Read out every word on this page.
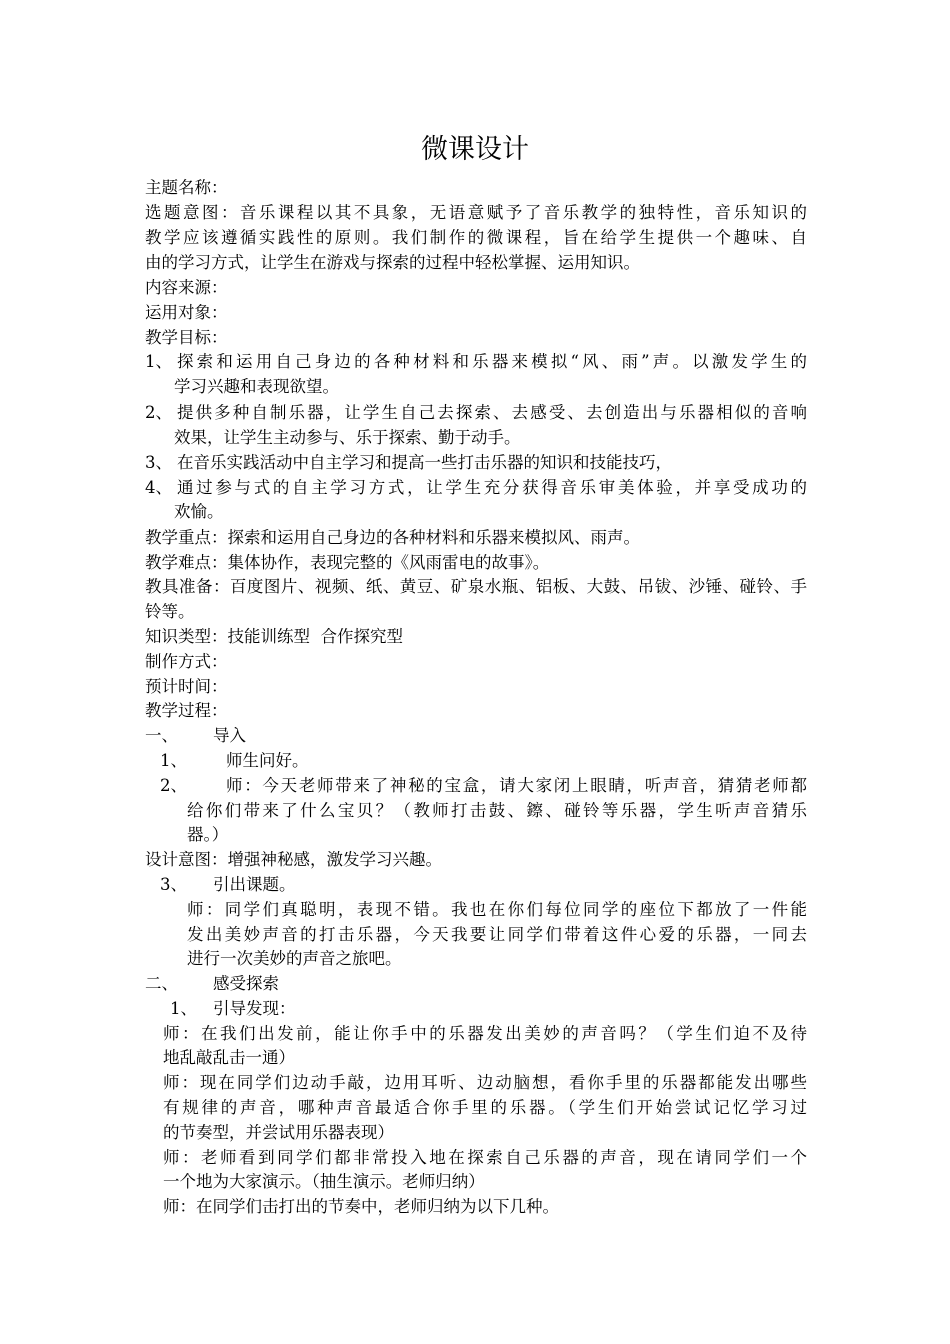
微课设计
主题名称：
选题意图：音乐课程以其不具象，无语意赋予了音乐教学的独特性，音乐知识的
教学应该遵循实践性的原则。我们制作的微课程，旨在给学生提供一个趣味、自
由的学习方式，让学生在游戏与探索的过程中轻松掌握、运用知识。
内容来源：
运用对象：
教学目标：
1、 探索和运用自己身边的各种材料和乐器来模拟“风、雨”声。以激发学生的
学习兴趣和表现欲望。
2、 提供多种自制乐器，让学生自己去探索、去感受、去创造出与乐器相似的音响
效果，让学生主动参与、乐于探索、勤于动手。
3、 在音乐实践活动中自主学习和提高一些打击乐器的知识和技能技巧，
4、 通过参与式的自主学习方式，让学生充分获得音乐审美体验，并享受成功的
欢愉。
教学重点：探索和运用自己身边的各种材料和乐器来模拟风、雨声。
教学难点：集体协作，表现完整的《风雨雷电的故事》。
教具准备：百度图片、视频、纸、黄豆、矿泉水瓶、铝板、大鼓、吊钹、沙锤、碰铃、手
铃等。
知识类型：技能训练型  合作探究型
制作方式：
预计时间：
教学过程：
一、 导入
1、 师生问好。
2、 师：今天老师带来了神秘的宝盒，请大家闭上眼睛，听声音，猜猜老师都
给你们带来了什么宝贝？（教师打击鼓、鑔、碰铃等乐器，学生听声音猜乐
器。）
设计意图：增强神秘感，激发学习兴趣。
3、 引出课题。
师：同学们真聪明，表现不错。我也在你们每位同学的座位下都放了一件能
发出美妙声音的打击乐器，今天我要让同学们带着这件心爱的乐器，一同去
进行一次美妙的声音之旅吧。
二、 感受探索
1、 引导发现：
师：在我们出发前，能让你手中的乐器发出美妙的声音吗？（学生们迫不及待
地乱敲乱击一通）
师：现在同学们边动手敲，边用耳听、边动脑想，看你手里的乐器都能发出哪些
有规律的声音，哪种声音最适合你手里的乐器。（学生们开始尝试记忆学习过
的节奏型，并尝试用乐器表现）
师：老师看到同学们都非常投入地在探索自己乐器的声音，现在请同学们一个
一个地为大家演示。（抽生演示。老师归纳）
师：在同学们击打出的节奏中，老师归纳为以下几种。
